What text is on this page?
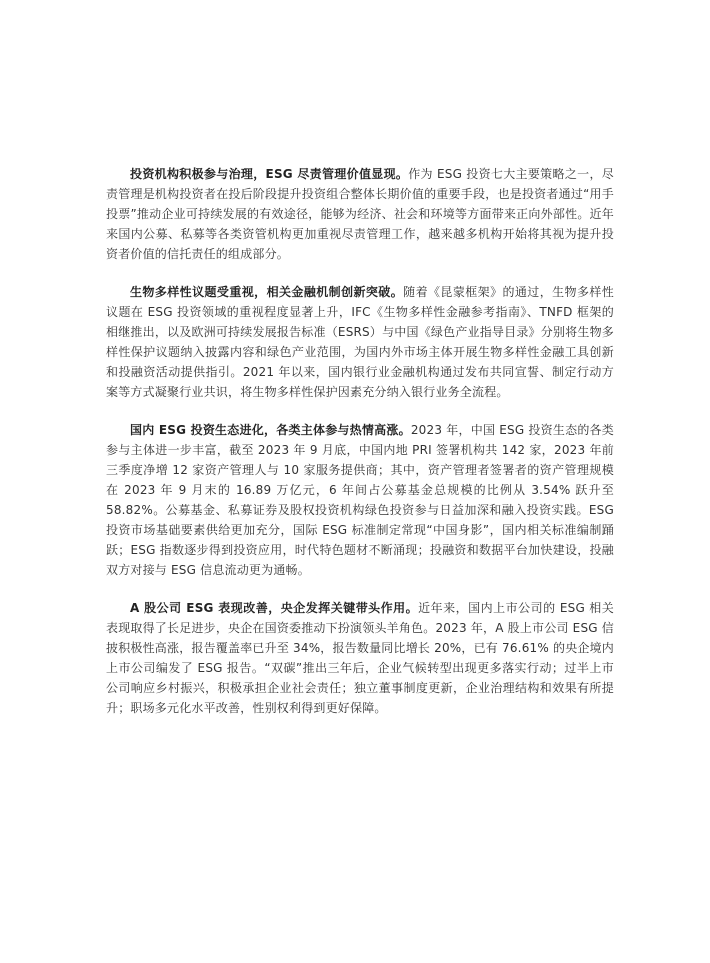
投资机构积极参与治理，ESG 尽责管理价值显现。作为 ESG 投资七大主要策略之一，尽责管理是机构投资者在投后阶段提升投资组合整体长期价值的重要手段，也是投资者通过“用手投票”推动企业可持续发展的有效途径，能够为经济、社会和环境等方面带来正向外部性。近年来国内公募、私募等各类资管机构更加重视尽责管理工作，越来越多机构开始将其视为提升投资者价值的信托责任的组成部分。

生物多样性议题受重视，相关金融机制创新突破。随着《昆蒙框架》的通过，生物多样性议题在 ESG 投资领域的重视程度显著上升，IFC《生物多样性金融参考指南》、TNFD 框架的相继推出，以及欧洲可持续发展报告标准（ESRS）与中国《绿色产业指导目录》分别将生物多样性保护议题纳入披露内容和绿色产业范围，为国内外市场主体开展生物多样性金融工具创新和投融资活动提供指引。2021 年以来，国内银行业金融机构通过发布共同宣誓、制定行动方案等方式凝聚行业共识，将生物多样性保护因素充分纳入银行业务全流程。

国内 ESG 投资生态进化，各类主体参与热情高涨。2023 年，中国 ESG 投资生态的各类参与主体进一步丰富，截至 2023 年 9 月底，中国内地 PRI 签署机构共 142 家，2023 年前三季度净增 12 家资产管理人与 10 家服务提供商；其中，资产管理者签署者的资产管理规模在 2023 年 9 月末的 16.89 万亿元，6 年间占公募基金总规模的比例从 3.54% 跃升至 58.82%。公募基金、私募证券及股权投资机构绿色投资参与日益加深和融入投资实践。ESG 投资市场基础要素供给更加充分，国际 ESG 标准制定常现“中国身影”，国内相关标准编制踊跃；ESG 指数逐步得到投资应用，时代特色题材不断涌现；投融资和数据平台加快建设，投融双方对接与 ESG 信息流动更为通畅。

A 股公司 ESG 表现改善，央企发挥关键带头作用。近年来，国内上市公司的 ESG 相关表现取得了长足进步，央企在国资委推动下扮演领头羊角色。2023 年，A 股上市公司 ESG 信披积极性高涨，报告覆盖率已升至 34%，报告数量同比增长 20%，已有 76.61% 的央企境内上市公司编发了 ESG 报告。“双碳”推出三年后，企业气候转型出现更多落实行动；过半上市公司响应乡村振兴，积极承担企业社会责任；独立董事制度更新，企业治理结构和效果有所提升；职场多元化水平改善，性别权利得到更好保障。
